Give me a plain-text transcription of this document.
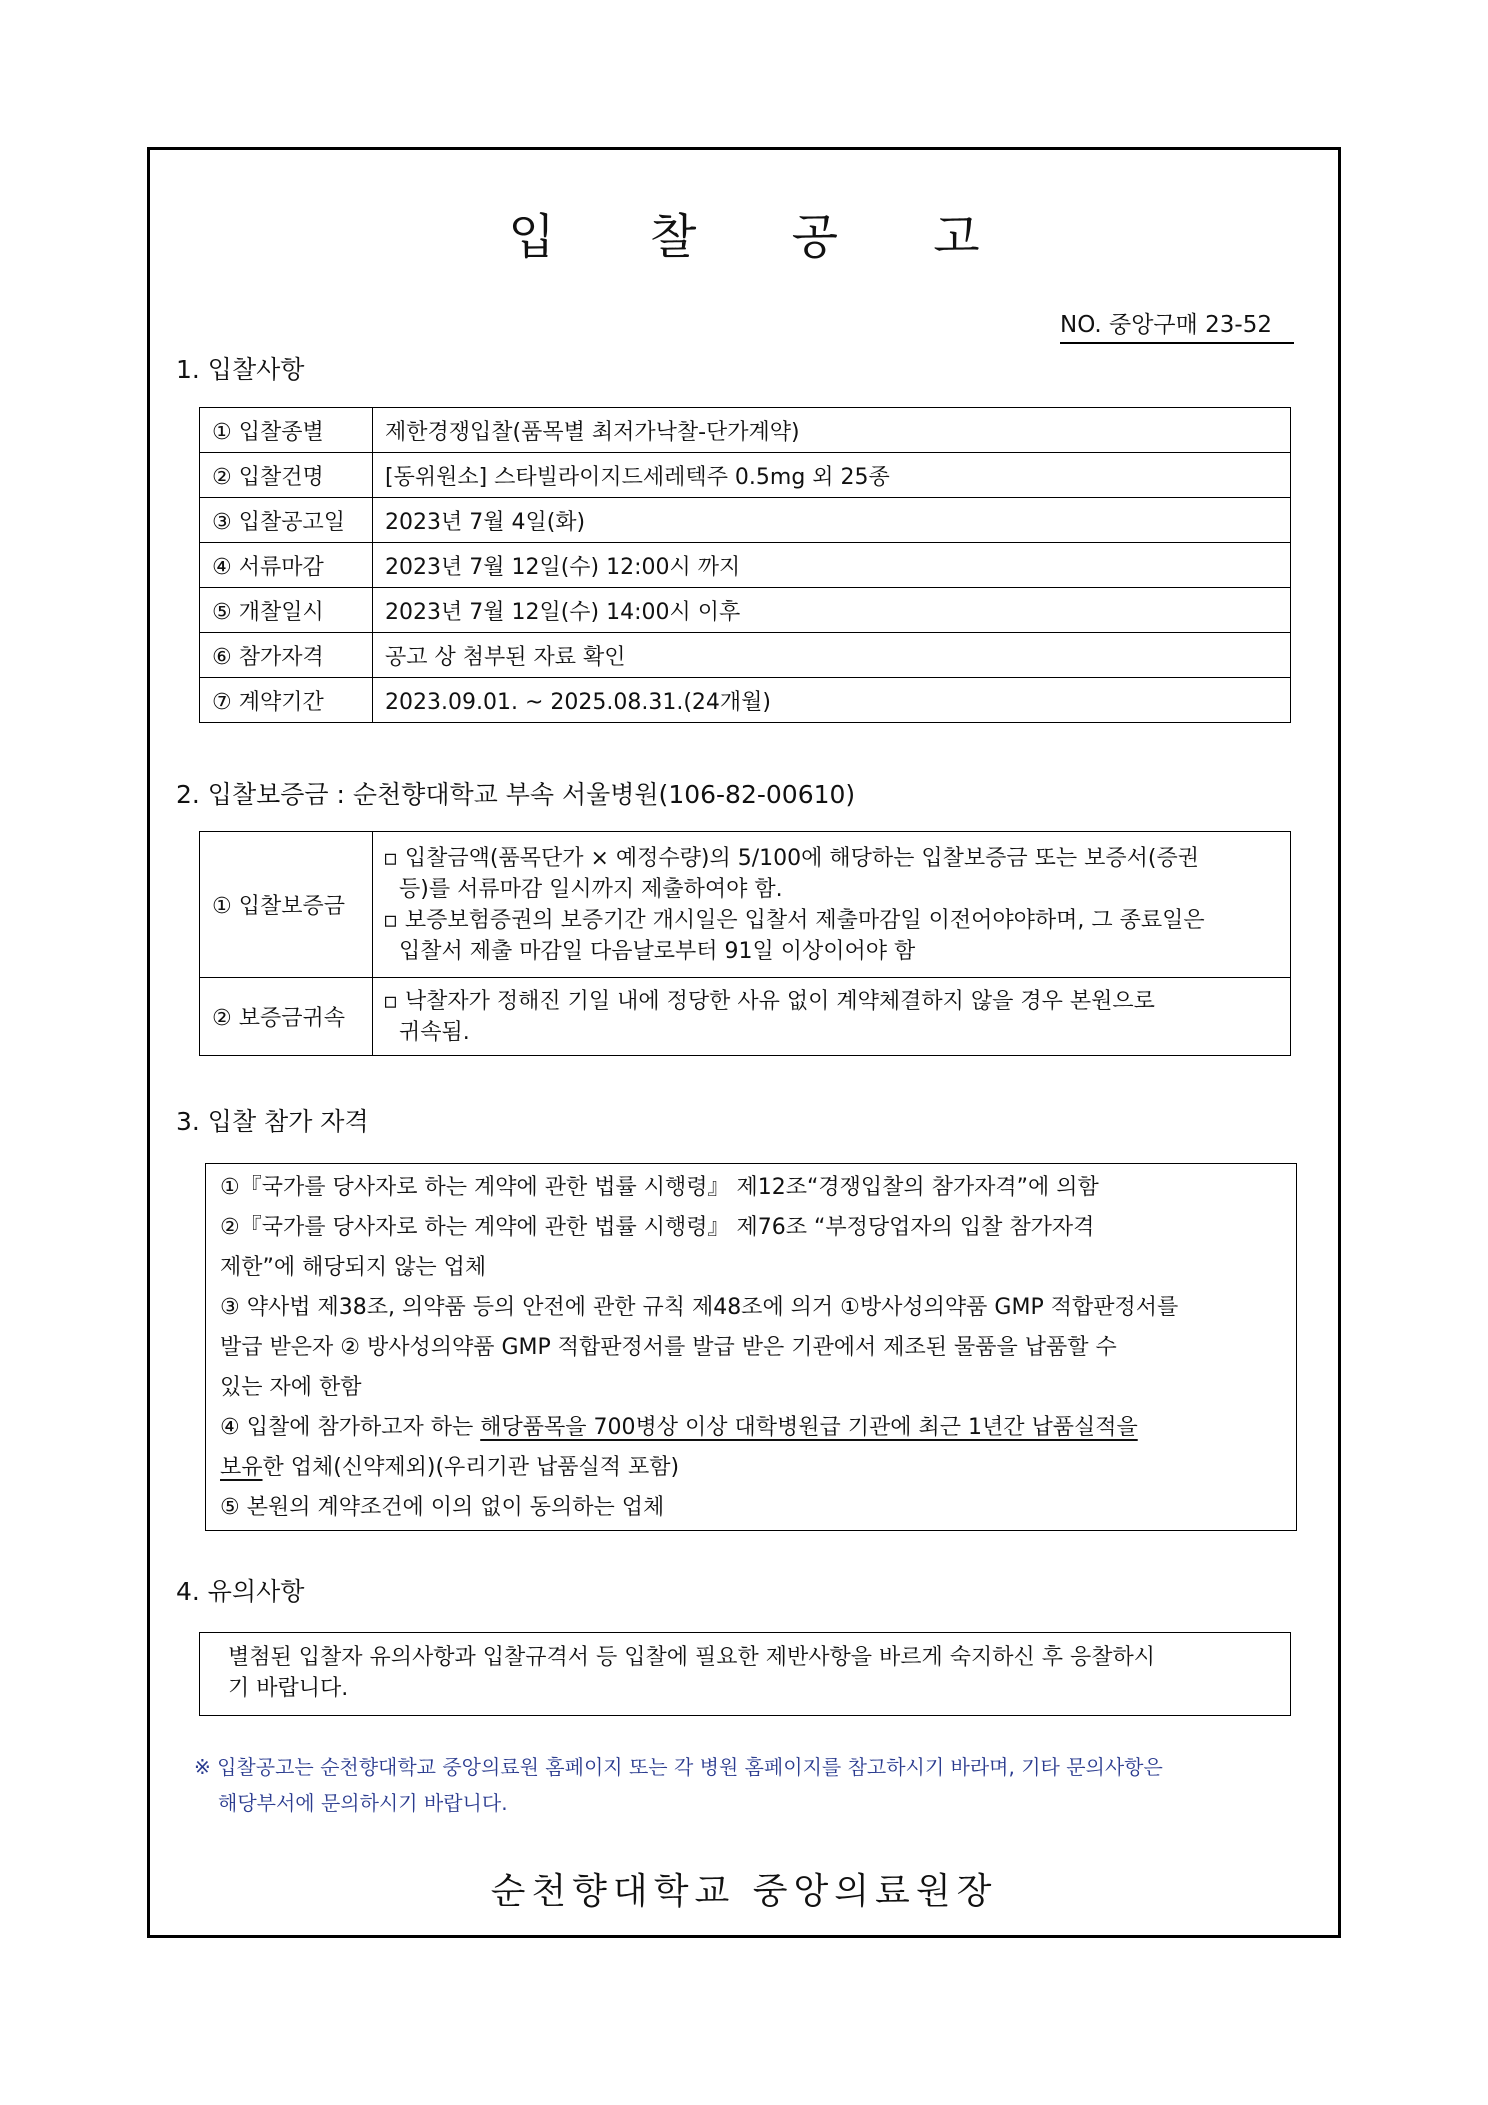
입 찰 공 고
NO. 중앙구매 23-52
1. 입찰사항
① 입찰종별	제한경쟁입찰(품목별 최저가낙찰-단가계약)
② 입찰건명	[동위원소] 스타빌라이지드세레텍주 0.5mg 외 25종
③ 입찰공고일	2023년 7월 4일(화)
④ 서류마감	2023년 7월 12일(수) 12:00시 까지
⑤ 개찰일시	2023년 7월 12일(수) 14:00시 이후
⑥ 참가자격	공고 상 첨부된 자료 확인
⑦ 계약기간	2023.09.01. ~ 2025.08.31.(24개월)
2. 입찰보증금 : 순천향대학교 부속 서울병원(106-82-00610)
① 입찰보증금	▫ 입찰금액(품목단가 × 예정수량)의 5/100에 해당하는 입찰보증금 또는 보증서(증권
등)를 서류마감 일시까지 제출하여야 함.
▫ 보증보험증권의 보증기간 개시일은 입찰서 제출마감일 이전어야야하며, 그 종료일은
입찰서 제출 마감일 다음날로부터 91일 이상이어야 함

② 보증금귀속	▫ 낙찰자가 정해진 기일 내에 정당한 사유 없이 계약체결하지 않을 경우 본원으로
귀속됨.
3. 입찰 참가 자격
①『국가를 당사자로 하는 계약에 관한 법률 시행령』 제12조“경쟁입찰의 참가자격”에 의함
②『국가를 당사자로 하는 계약에 관한 법률 시행령』 제76조 “부정당업자의 입찰 참가자격
제한”에 해당되지 않는 업체
③ 약사법 제38조, 의약품 등의 안전에 관한 규칙 제48조에 의거 ①방사성의약품 GMP 적합판정서를
발급 받은자 ② 방사성의약품 GMP 적합판정서를 발급 받은 기관에서 제조된 물품을 납품할 수
있는 자에 한함
④ 입찰에 참가하고자 하는 해당품목을 700병상 이상 대학병원급 기관에 최근 1년간 납품실적을
보유한 업체(신약제외)(우리기관 납품실적 포함)
⑤ 본원의 계약조건에 이의 없이 동의하는 업체
4. 유의사항
별첨된 입찰자 유의사항과 입찰규격서 등 입찰에 필요한 제반사항을 바르게 숙지하신 후 응찰하시
기 바랍니다.
※ 입찰공고는 순천향대학교 중앙의료원 홈페이지 또는 각 병원 홈페이지를 참고하시기 바라며, 기타 문의사항은
해당부서에 문의하시기 바랍니다.
순천향대학교 중앙의료원장
